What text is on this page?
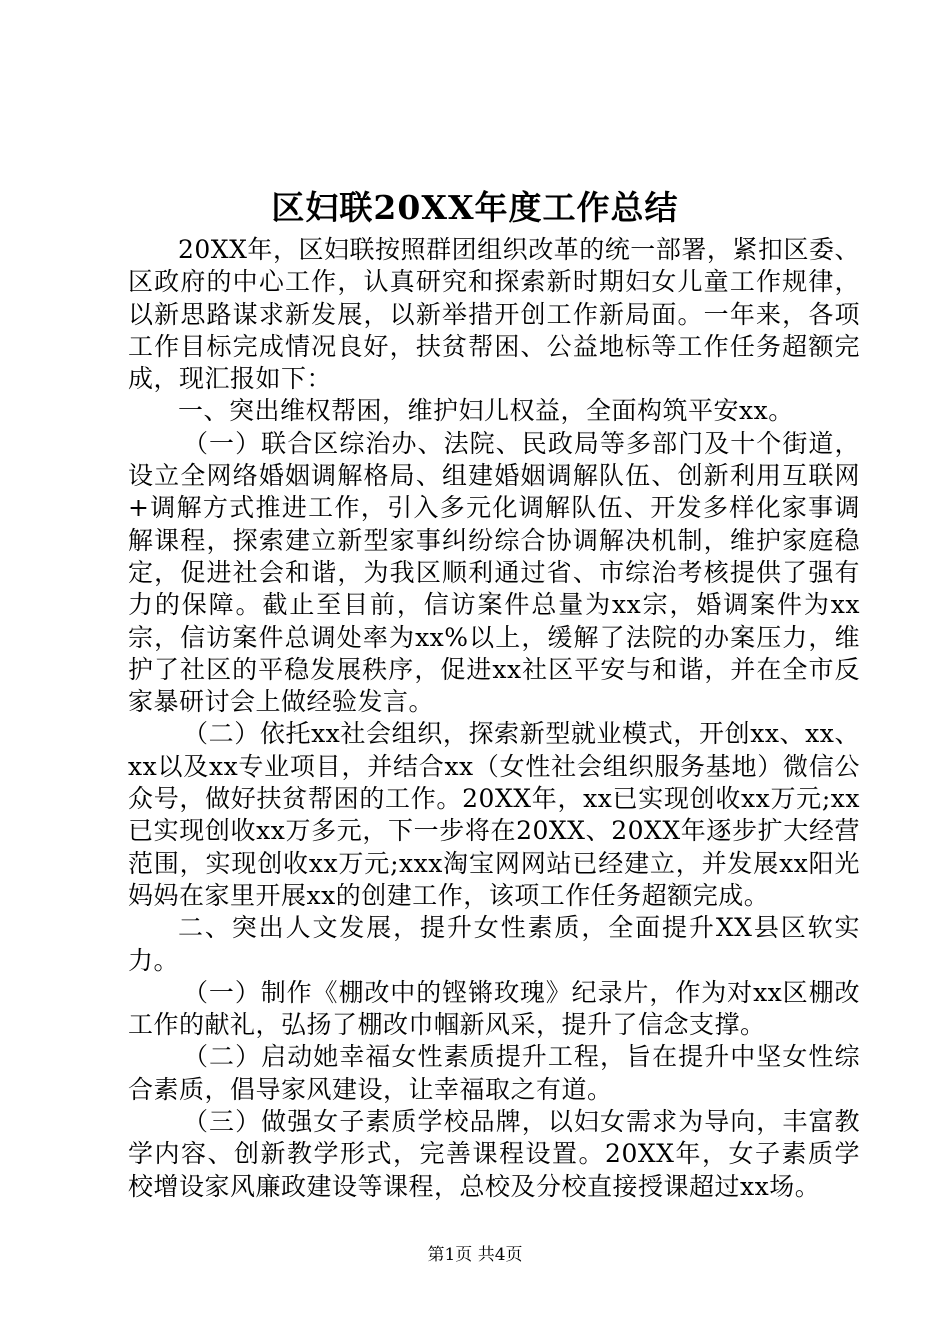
区妇联20XX年度工作总结

20XX年，区妇联按照群团组织改革的统一部署，紧扣区委、区政府的中心工作，认真研究和探索新时期妇女儿童工作规律，以新思路谋求新发展，以新举措开创工作新局面。一年来，各项工作目标完成情况良好，扶贫帮困、公益地标等工作任务超额完成，现汇报如下：

一、突出维权帮困，维护妇儿权益，全面构筑平安xx。

（一）联合区综治办、法院、民政局等多部门及十个街道，设立全网络婚姻调解格局、组建婚姻调解队伍、创新利用互联网+调解方式推进工作，引入多元化调解队伍、开发多样化家事调解课程，探索建立新型家事纠纷综合协调解决机制，维护家庭稳定，促进社会和谐，为我区顺利通过省、市综治考核提供了强有力的保障。截止至目前，信访案件总量为xx宗，婚调案件为xx宗，信访案件总调处率为xx%以上，缓解了法院的办案压力，维护了社区的平稳发展秩序，促进xx社区平安与和谐，并在全市反家暴研讨会上做经验发言。

（二）依托xx社会组织，探索新型就业模式，开创xx、xx、xx以及xx专业项目，并结合xx（女性社会组织服务基地）微信公众号，做好扶贫帮困的工作。20XX年，xx已实现创收xx万元;xx已实现创收xx万多元，下一步将在20XX、20XX年逐步扩大经营范围，实现创收xx万元;xxx淘宝网网站已经建立，并发展xx阳光妈妈在家里开展xx的创建工作，该项工作任务超额完成。

二、突出人文发展，提升女性素质，全面提升XX县区软实力。

（一）制作《棚改中的铿锵玫瑰》纪录片，作为对xx区棚改工作的献礼，弘扬了棚改巾帼新风采，提升了信念支撑。

（二）启动她幸福女性素质提升工程，旨在提升中坚女性综合素质，倡导家风建设，让幸福取之有道。

（三）做强女子素质学校品牌，以妇女需求为导向，丰富教学内容、创新教学形式，完善课程设置。20XX年，女子素质学校增设家风廉政建设等课程，总校及分校直接授课超过xx场。

第1页 共4页
